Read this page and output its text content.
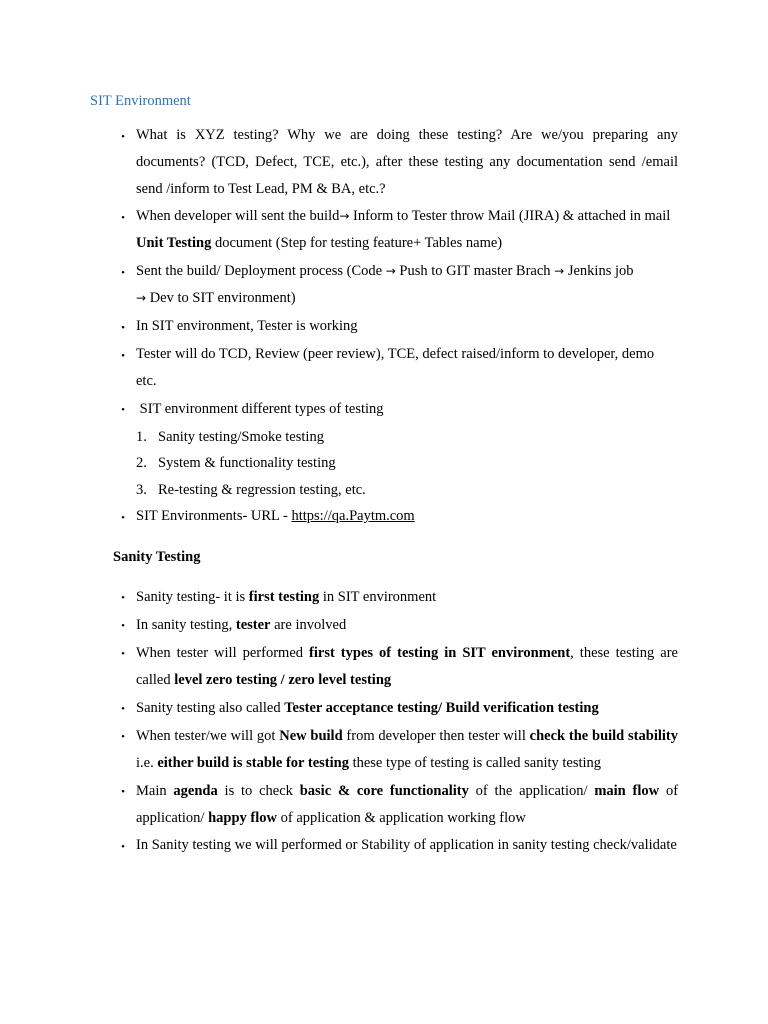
SIT Environment
• What is XYZ testing? Why we are doing these testing? Are we/you preparing any documents? (TCD, Defect, TCE, etc.), after these testing any documentation send /email send /inform to Test Lead, PM & BA, etc.?
• When developer will sent the build→ Inform to Tester throw Mail (JIRA) & attached in mail Unit Testing document (Step for testing feature+ Tables name)
• Sent the build/ Deployment process (Code → Push to GIT master Brach → Jenkins job
→ Dev to SIT environment)
• In SIT environment, Tester is working
• Tester will do TCD, Review (peer review), TCE, defect raised/inform to developer, demo etc.
• SIT environment different types of testing
1. Sanity testing/Smoke testing
2. System & functionality testing
3. Re-testing & regression testing, etc.
• SIT Environments- URL - https://qa.Paytm.com
Sanity Testing
• Sanity testing- it is first testing in SIT environment
• In sanity testing, tester are involved
• When tester will performed first types of testing in SIT environment, these testing are called level zero testing / zero level testing
• Sanity testing also called Tester acceptance testing/ Build verification testing
• When tester/we will got New build from developer then tester will check the build stability i.e. either build is stable for testing these type of testing is called sanity testing
• Main agenda is to check basic & core functionality of the application/ main flow of application/ happy flow of application & application working flow
• In Sanity testing we will performed or Stability of application in sanity testing check/validate
